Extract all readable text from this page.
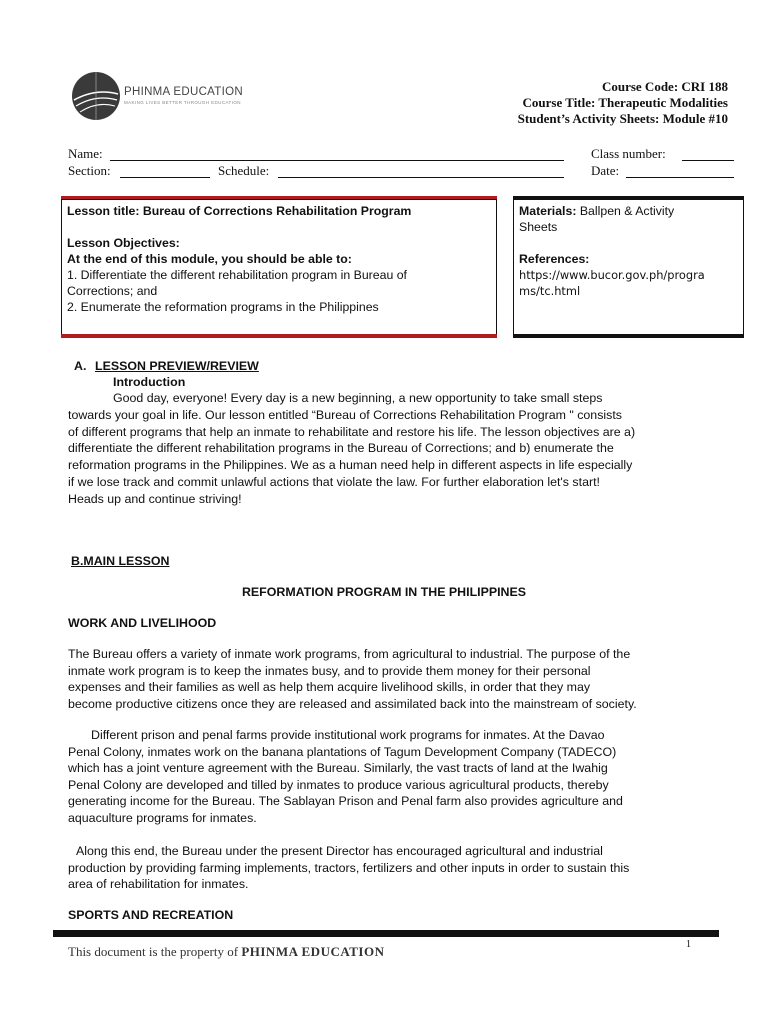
PHINMA EDUCATION
MAKING LIVES BETTER THROUGH EDUCATION
Course Code: CRI 188
Course Title: Therapeutic Modalities
Student’s Activity Sheets: Module #10
Name:	Class number:
Section:	Schedule:	Date:
Lesson title: Bureau of Corrections Rehabilitation Program
Lesson Objectives:
At the end of this module, you should be able to:
1. Differentiate the different rehabilitation program in Bureau of
Corrections; and
2. Enumerate the reformation programs in the Philippines
Materials: Ballpen & Activity
Sheets
References:
https://www.bucor.gov.ph/progra
ms/tc.html
A. LESSON PREVIEW/REVIEW
Introduction
Good day, everyone! Every day is a new beginning, a new opportunity to take small steps
towards your goal in life. Our lesson entitled “Bureau of Corrections Rehabilitation Program " consists
of different programs that help an inmate to rehabilitate and restore his life. The lesson objectives are a)
differentiate the different rehabilitation programs in the Bureau of Corrections; and b) enumerate the
reformation programs in the Philippines. We as a human need help in different aspects in life especially
if we lose track and commit unlawful actions that violate the law. For further elaboration let's start!
Heads up and continue striving!
B.MAIN LESSON
REFORMATION PROGRAM IN THE PHILIPPINES
WORK AND LIVELIHOOD
The Bureau offers a variety of inmate work programs, from agricultural to industrial. The purpose of the
inmate work program is to keep the inmates busy, and to provide them money for their personal
expenses and their families as well as help them acquire livelihood skills, in order that they may
become productive citizens once they are released and assimilated back into the mainstream of society.
Different prison and penal farms provide institutional work programs for inmates. At the Davao
Penal Colony, inmates work on the banana plantations of Tagum Development Company (TADECO)
which has a joint venture agreement with the Bureau. Similarly, the vast tracts of land at the Iwahig
Penal Colony are developed and tilled by inmates to produce various agricultural products, thereby
generating income for the Bureau. The Sablayan Prison and Penal farm also provides agriculture and
aquaculture programs for inmates.
Along this end, the Bureau under the present Director has encouraged agricultural and industrial
production by providing farming implements, tractors, fertilizers and other inputs in order to sustain this
area of rehabilitation for inmates.
SPORTS AND RECREATION
This document is the property of PHINMA EDUCATION	1
